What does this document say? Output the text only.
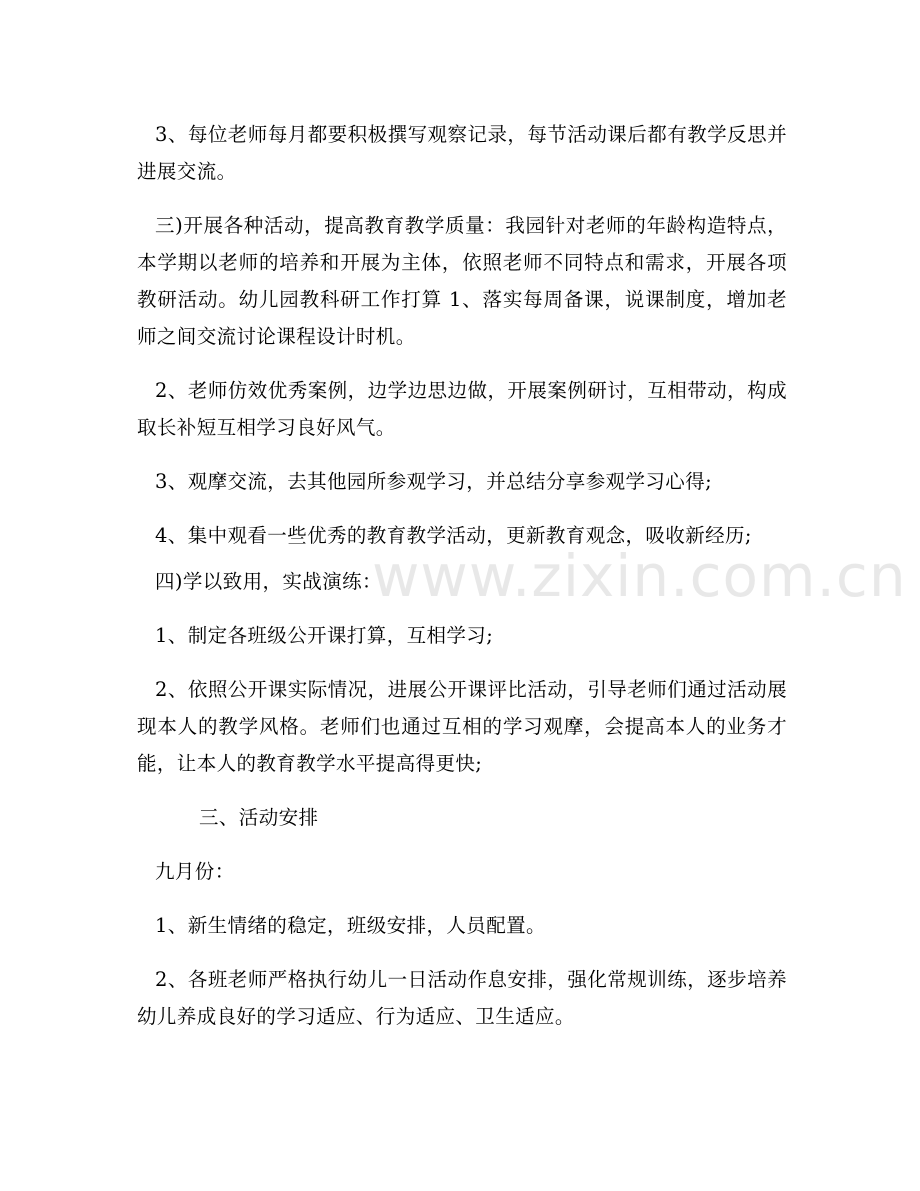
3、每位老师每月都要积极撰写观察记录，每节活动课后都有教学反思并进展交流。

三)开展各种活动，提高教育教学质量：我园针对老师的年龄构造特点，本学期以老师的培养和开展为主体，依照老师不同特点和需求，开展各项教研活动。幼儿园教科研工作打算 1、落实每周备课，说课制度，增加老师之间交流讨论课程设计时机。

2、老师仿效优秀案例，边学边思边做，开展案例研讨，互相带动，构成取长补短互相学习良好风气。

3、观摩交流，去其他园所参观学习，并总结分享参观学习心得;

4、集中观看一些优秀的教育教学活动，更新教育观念，吸收新经历;

四)学以致用，实战演练：

1、制定各班级公开课打算，互相学习;

2、依照公开课实际情况，进展公开课评比活动，引导老师们通过活动展现本人的教学风格。老师们也通过互相的学习观摩，会提高本人的业务才能，让本人的教育教学水平提高得更快;

三、活动安排

九月份：

1、新生情绪的稳定，班级安排，人员配置。

2、各班老师严格执行幼儿一日活动作息安排，强化常规训练，逐步培养幼儿养成良好的学习适应、行为适应、卫生适应。

www.zixin.com.cn
